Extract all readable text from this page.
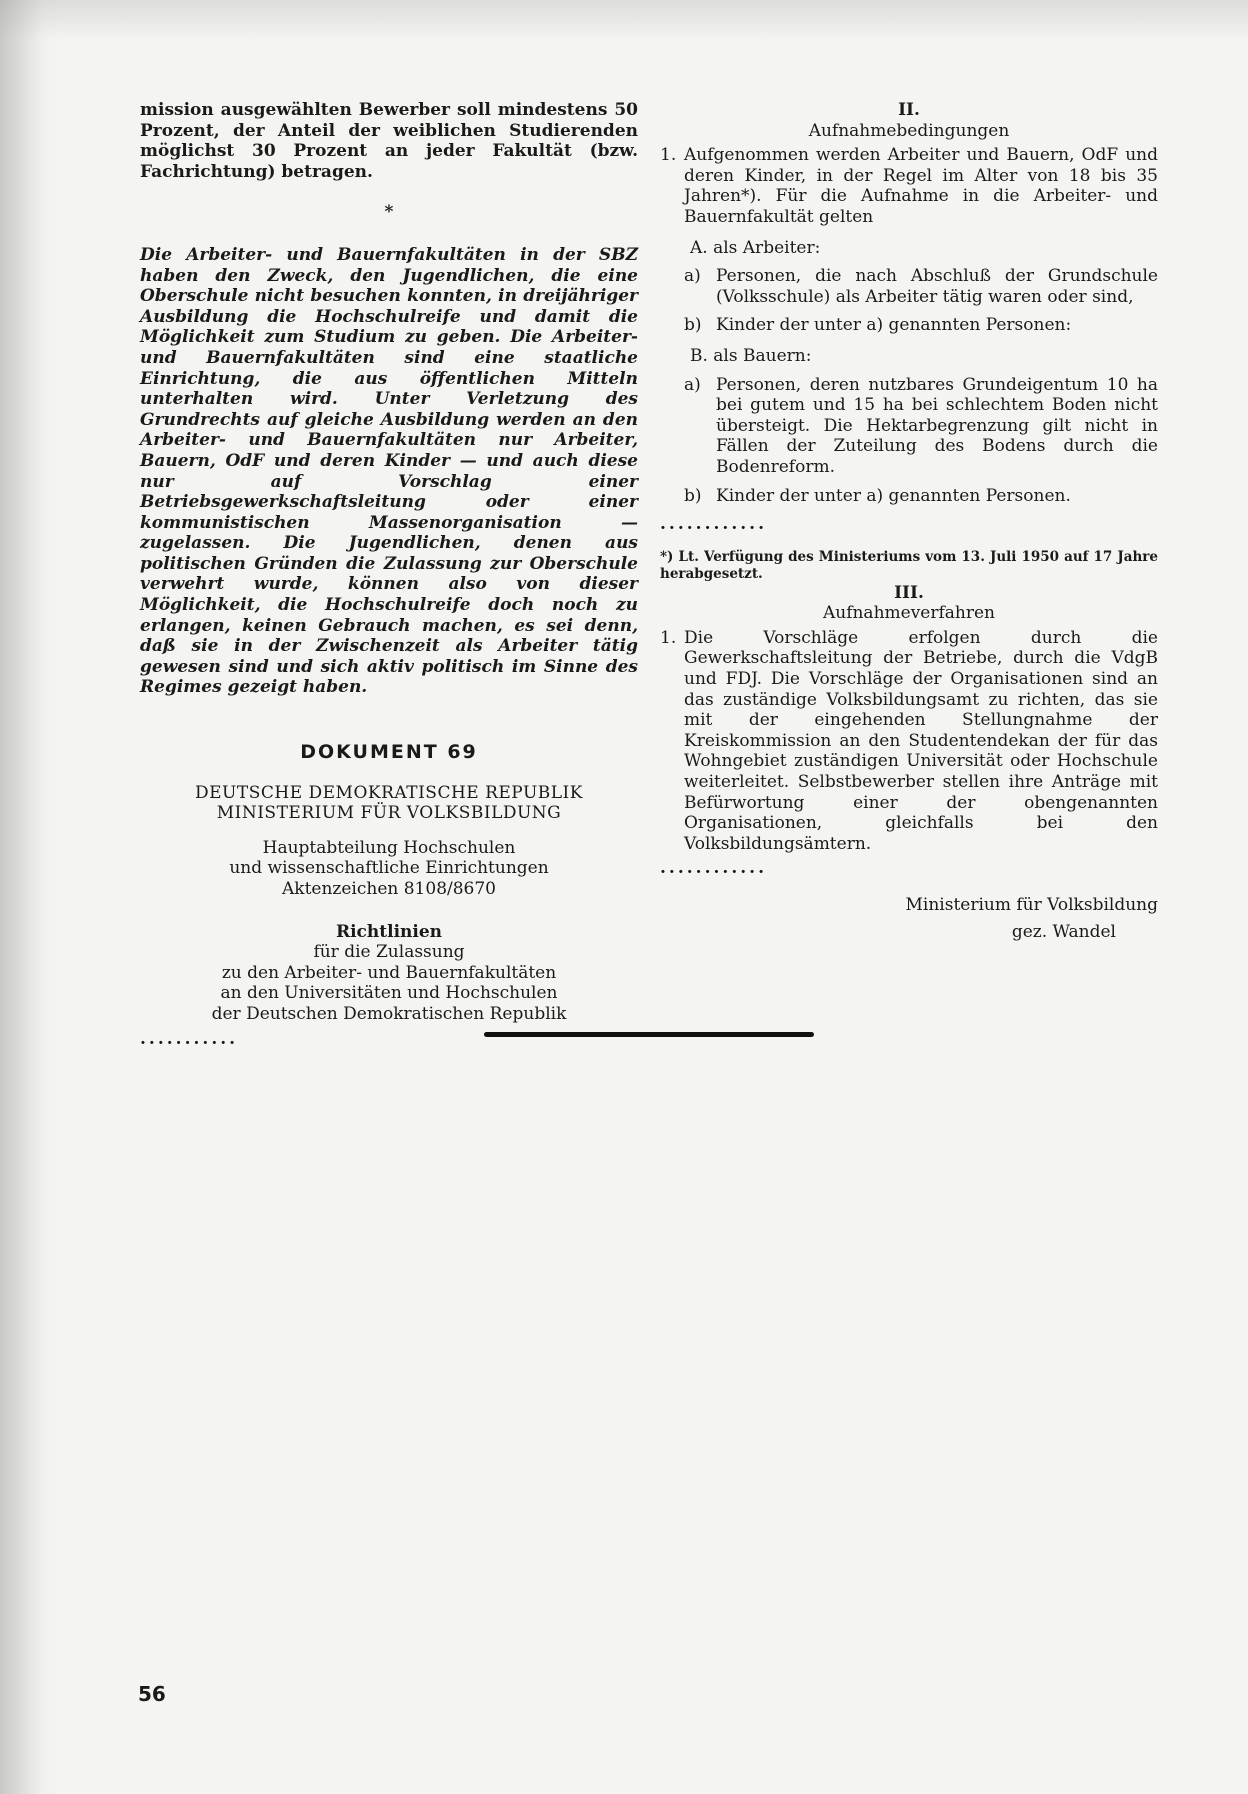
mission ausgewählten Bewerber soll mindestens 50 Prozent, der Anteil der weiblichen Studierenden möglichst 30 Prozent an jeder Fakultät (bzw. Fachrichtung) betragen.

*

Die Arbeiter- und Bauernfakultäten in der SBZ haben den Zweck, den Jugendlichen, die eine Oberschule nicht besuchen konnten, in dreijähriger Ausbildung die Hochschulreife und damit die Möglichkeit zum Studium zu geben. Die Arbeiter- und Bauernfakultäten sind eine staatliche Einrichtung, die aus öffentlichen Mitteln unterhalten wird. Unter Verletzung des Grundrechts auf gleiche Ausbildung werden an den Arbeiter- und Bauernfakultäten nur Arbeiter, Bauern, OdF und deren Kinder — und auch diese nur auf Vorschlag einer Betriebsgewerkschaftsleitung oder einer kommunistischen Massenorganisation — zugelassen. Die Jugendlichen, denen aus politischen Gründen die Zulassung zur Oberschule verwehrt wurde, können also von dieser Möglichkeit, die Hochschulreife doch noch zu erlangen, keinen Gebrauch machen, es sei denn, daß sie in der Zwischenzeit als Arbeiter tätig gewesen sind und sich aktiv politisch im Sinne des Regimes gezeigt haben.

DOKUMENT 69

DEUTSCHE DEMOKRATISCHE REPUBLIK

MINISTERIUM FÜR VOLKSBILDUNG

Hauptabteilung Hochschulen

und wissenschaftliche Einrichtungen

Aktenzeichen 8108/8670

Richtlinien

für die Zulassung

zu den Arbeiter- und Bauernfakultäten

an den Universitäten und Hochschulen

der Deutschen Demokratischen Republik

...........

II.

Aufnahmebedingungen

1. Aufgenommen werden Arbeiter und Bauern, OdF und deren Kinder, in der Regel im Alter von 18 bis 35 Jahren*). Für die Aufnahme in die Arbeiter- und Bauernfakultät gelten

A. als Arbeiter:

a) Personen, die nach Abschluß der Grundschule (Volksschule) als Arbeiter tätig waren oder sind,
b) Kinder der unter a) genannten Personen:

B. als Bauern:

a) Personen, deren nutzbares Grundeigentum 10 ha bei gutem und 15 ha bei schlechtem Boden nicht übersteigt. Die Hektarbegrenzung gilt nicht in Fällen der Zuteilung des Bodens durch die Bodenreform.
b) Kinder der unter a) genannten Personen.

............

*) Lt. Verfügung des Ministeriums vom 13. Juli 1950 auf 17 Jahre herabgesetzt.

III.

Aufnahmeverfahren

1. Die Vorschläge erfolgen durch die Gewerkschaftsleitung der Betriebe, durch die VdgB und FDJ. Die Vorschläge der Organisationen sind an das zuständige Volksbildungsamt zu richten, das sie mit der eingehenden Stellungnahme der Kreiskommission an den Studentendekan der für das Wohngebiet zuständigen Universität oder Hochschule weiterleitet. Selbstbewerber stellen ihre Anträge mit Befürwortung einer der obengenannten Organisationen, gleichfalls bei den Volksbildungsämtern.

............

Ministerium für Volksbildung

gez. Wandel

56
